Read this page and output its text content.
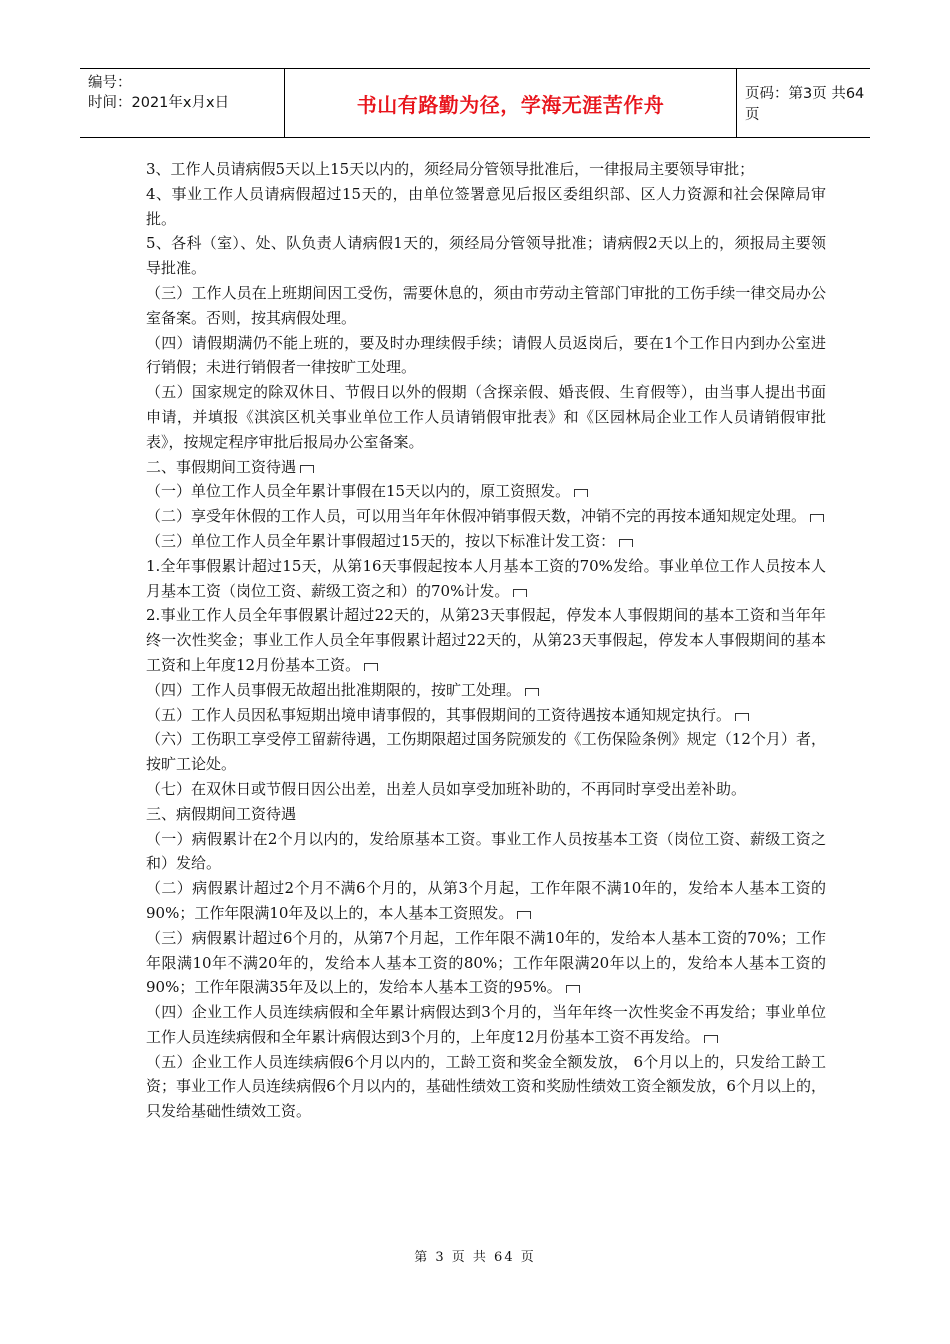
编号：
时间：2021年x月x日	书山有路勤为径，学海无涯苦作舟	页码：第3页 共64页

3、工作人员请病假5天以上15天以内的，须经局分管领导批准后，一律报局主要领导审批；

4、事业工作人员请病假超过15天的，由单位签署意见后报区委组织部、区人力资源和社会保障局审批。

5、各科（室）、处、队负责人请病假1天的，须经局分管领导批准；请病假2天以上的，须报局主要领导批准。

（三）工作人员在上班期间因工受伤，需要休息的，须由市劳动主管部门审批的工伤手续一律交局办公室备案。否则，按其病假处理。

（四）请假期满仍不能上班的，要及时办理续假手续；请假人员返岗后，要在1个工作日内到办公室进行销假；未进行销假者一律按旷工处理。

（五）国家规定的除双休日、节假日以外的假期（含探亲假、婚丧假、生育假等），由当事人提出书面申请，并填报《淇滨区机关事业单位工作人员请销假审批表》和《区园林局企业工作人员请销假审批表》，按规定程序审批后报局办公室备案。

二、事假期间工资待遇

（一）单位工作人员全年累计事假在15天以内的，原工资照发。

（二）享受年休假的工作人员，可以用当年年休假冲销事假天数，冲销不完的再按本通知规定处理。

（三）单位工作人员全年累计事假超过15天的，按以下标准计发工资：

1.全年事假累计超过15天，从第16天事假起按本人月基本工资的70%发给。事业单位工作人员按本人月基本工资（岗位工资、薪级工资之和）的70%计发。

2.事业工作人员全年事假累计超过22天的，从第23天事假起，停发本人事假期间的基本工资和当年年终一次性奖金；事业工作人员全年事假累计超过22天的，从第23天事假起，停发本人事假期间的基本工资和上年度12月份基本工资。

（四）工作人员事假无故超出批准期限的，按旷工处理。

（五）工作人员因私事短期出境申请事假的，其事假期间的工资待遇按本通知规定执行。

（六）工伤职工享受停工留薪待遇，工伤期限超过国务院颁发的《工伤保险条例》规定（12个月）者，按旷工论处。

（七）在双休日或节假日因公出差，出差人员如享受加班补助的，不再同时享受出差补助。

三、病假期间工资待遇

（一）病假累计在2个月以内的，发给原基本工资。事业工作人员按基本工资（岗位工资、薪级工资之和）发给。

（二）病假累计超过2个月不满6个月的，从第3个月起，工作年限不满10年的，发给本人基本工资的90%；工作年限满10年及以上的，本人基本工资照发。

（三）病假累计超过6个月的，从第7个月起，工作年限不满10年的，发给本人基本工资的70%；工作年限满10年不满20年的，发给本人基本工资的80%；工作年限满20年以上的，发给本人基本工资的90%；工作年限满35年及以上的，发给本人基本工资的95%。

（四）企业工作人员连续病假和全年累计病假达到3个月的，当年年终一次性奖金不再发给；事业单位工作人员连续病假和全年累计病假达到3个月的，上年度12月份基本工资不再发给。

（五）企业工作人员连续病假6个月以内的，工龄工资和奖金全额发放， 6个月以上的，只发给工龄工资；事业工作人员连续病假6个月以内的，基础性绩效工资和奖励性绩效工资全额发放，6个月以上的，只发给基础性绩效工资。

第 3 页 共 64 页
